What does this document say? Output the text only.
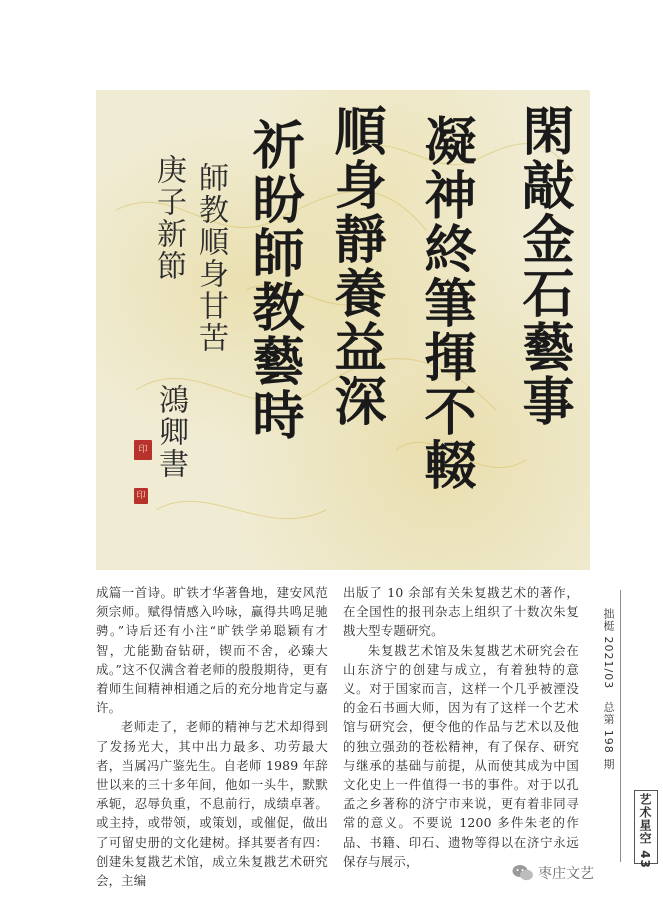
閑敲金石藝事
凝神終筆揮不輟
順身靜養益深
祈盼師教藝時
師教順身甘苦
庚子新節
鴻卿書
印
印

成篇一首诗。旷铁才华著鲁地，建安风范须宗师。赋得情感入吟咏，赢得共鸣足驰骋。”诗后还有小注“旷铁学弟聪颖有才智，尤能勤奋钻研，锲而不舍，必臻大成。”这不仅满含着老师的殷殷期待，更有着师生间精神相通之后的充分地肯定与嘉许。

老师走了，老师的精神与艺术却得到了发扬光大，其中出力最多、功劳最大者，当属冯广鉴先生。自老师 1989 年辞世以来的三十多年间，他如一头牛，默默承轭，忍辱负重，不息前行，成绩卓著。或主持，或带领，或策划，或催促，做出了可留史册的文化建树。择其要者有四：创建朱复戡艺术馆，成立朱复戡艺术研究会，主编

出版了 10 余部有关朱复戡艺术的著作，在全国性的报刊杂志上组织了十数次朱复戡大型专题研究。

朱复戡艺术馆及朱复戡艺术研究会在山东济宁的创建与成立，有着独特的意义。对于国家而言，这样一个几乎被湮没的金石书画大师，因为有了这样一个艺术馆与研究会，便令他的作品与艺术以及他的独立强劲的苍松精神，有了保存、研究与继承的基础与前提，从而使其成为中国文化史上一件值得一书的事件。对于以孔孟之乡著称的济宁市来说，更有着非同寻常的意义。不要说 1200 多件朱老的作品、书籍、印石、遗物等得以在济宁永远保存与展示，

拙梃 2021/03　总第 198 期
艺术星空 43
枣庄文艺
